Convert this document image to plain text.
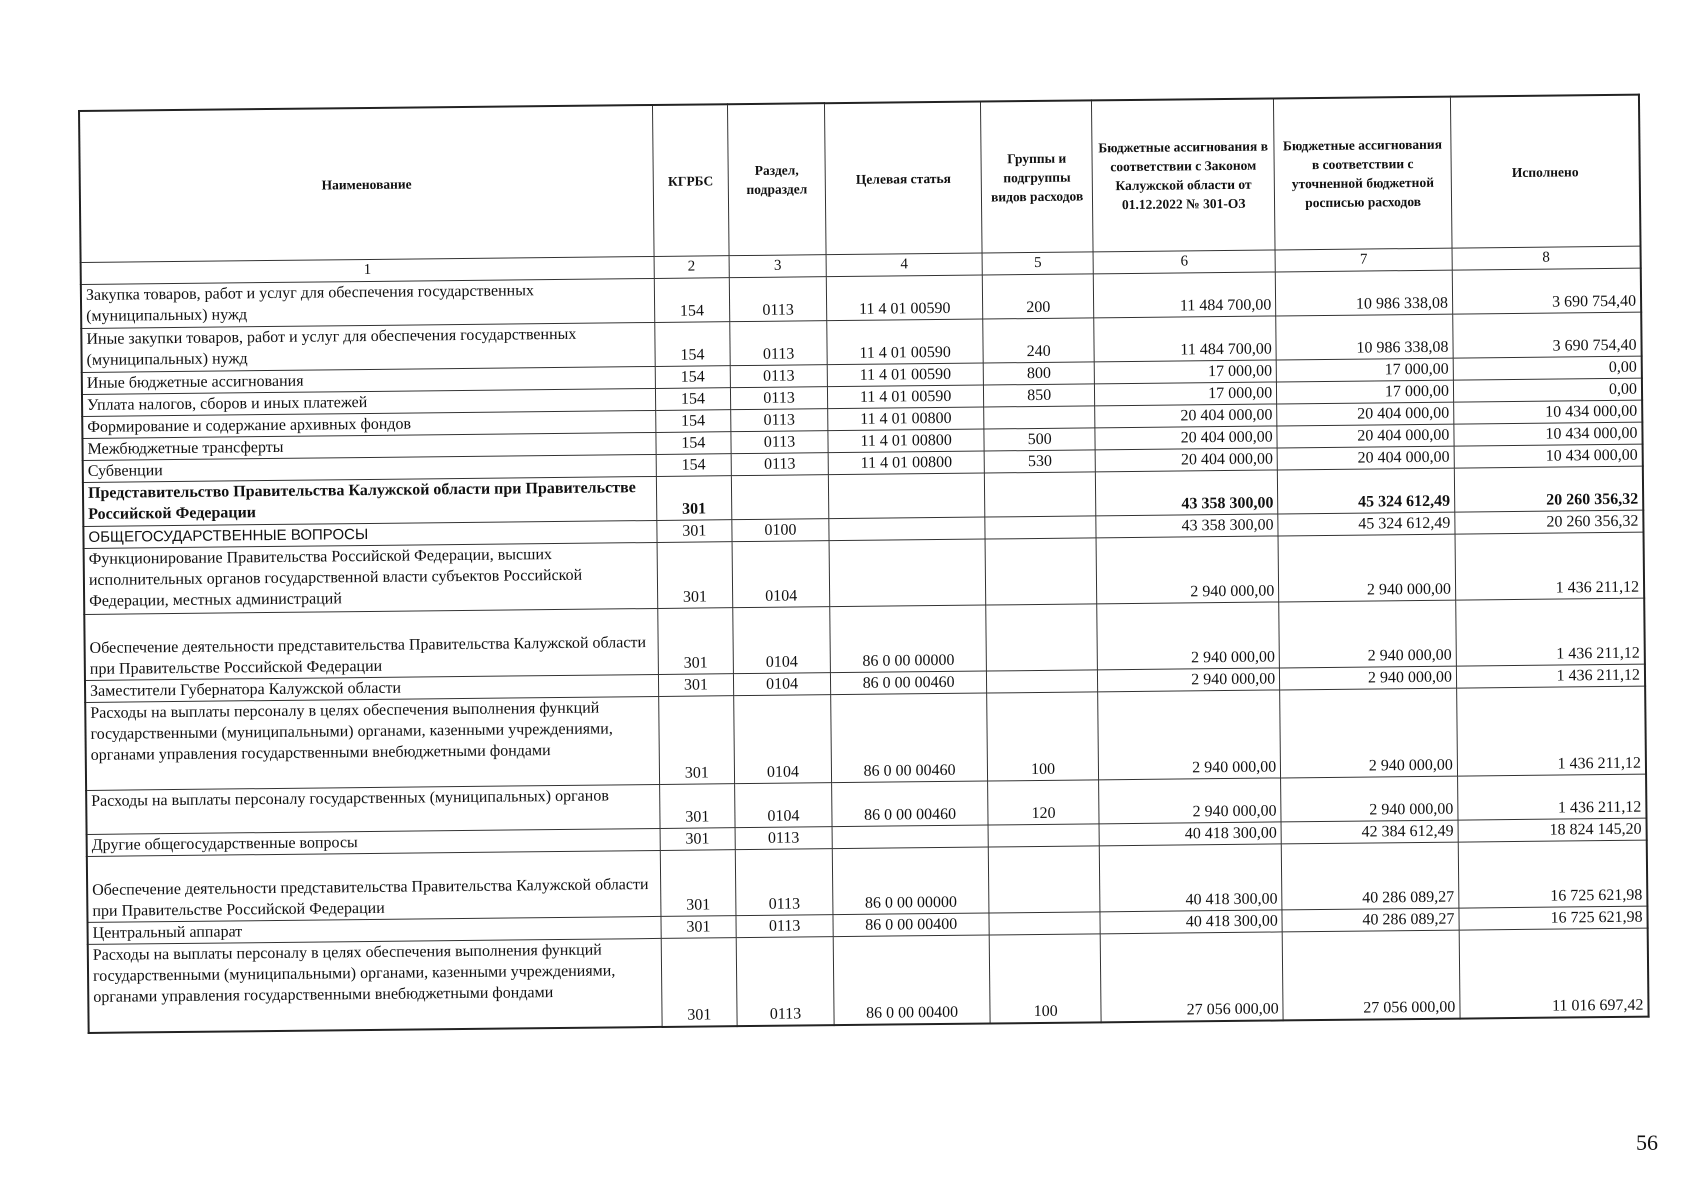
Наименование	КГРБС	Раздел, подраздел	Целевая статья	Группы и подгруппы видов расходов	Бюджетные ассигнования в соответствии с Законом Калужской области от 01.12.2022 № 301-ОЗ	Бюджетные ассигнования в соответствии с уточненной бюджетной росписью расходов	Исполнено
1	2	3	4	5	6	7	8
Закупка товаров, работ и услуг для обеспечения государственных (муниципальных) нужд	154	0113	11 4 01 00590	200	11 484 700,00	10 986 338,08	3 690 754,40
Иные закупки товаров, работ и услуг для обеспечения государственных (муниципальных) нужд	154	0113	11 4 01 00590	240	11 484 700,00	10 986 338,08	3 690 754,40
Иные бюджетные ассигнования	154	0113	11 4 01 00590	800	17 000,00	17 000,00	0,00
Уплата налогов, сборов и иных платежей	154	0113	11 4 01 00590	850	17 000,00	17 000,00	0,00
Формирование и содержание архивных фондов	154	0113	11 4 01 00800		20 404 000,00	20 404 000,00	10 434 000,00
Межбюджетные трансферты	154	0113	11 4 01 00800	500	20 404 000,00	20 404 000,00	10 434 000,00
Субвенции	154	0113	11 4 01 00800	530	20 404 000,00	20 404 000,00	10 434 000,00
Представительство Правительства Калужской области при Правительстве Российской Федерации	301				43 358 300,00	45 324 612,49	20 260 356,32
ОБЩЕГОСУДАРСТВЕННЫЕ ВОПРОСЫ	301	0100			43 358 300,00	45 324 612,49	20 260 356,32
Функционирование Правительства Российской Федерации, высших исполнительных органов государственной власти субъектов Российской Федерации, местных администраций	301	0104			2 940 000,00	2 940 000,00	1 436 211,12
Обеспечение деятельности представительства Правительства Калужской области при Правительстве Российской Федерации	301	0104	86 0 00 00000		2 940 000,00	2 940 000,00	1 436 211,12
Заместители Губернатора Калужской области	301	0104	86 0 00 00460		2 940 000,00	2 940 000,00	1 436 211,12
Расходы на выплаты персоналу в целях обеспечения выполнения функций государственными (муниципальными) органами, казенными учреждениями, органами управления государственными внебюджетными фондами	301	0104	86 0 00 00460	100	2 940 000,00	2 940 000,00	1 436 211,12
Расходы на выплаты персоналу государственных (муниципальных) органов	301	0104	86 0 00 00460	120	2 940 000,00	2 940 000,00	1 436 211,12
Другие общегосударственные вопросы	301	0113			40 418 300,00	42 384 612,49	18 824 145,20
Обеспечение деятельности представительства Правительства Калужской области при Правительстве Российской Федерации	301	0113	86 0 00 00000		40 418 300,00	40 286 089,27	16 725 621,98
Центральный аппарат	301	0113	86 0 00 00400		40 418 300,00	40 286 089,27	16 725 621,98
Расходы на выплаты персоналу в целях обеспечения выполнения функций государственными (муниципальными) органами, казенными учреждениями, органами управления государственными внебюджетными фондами	301	0113	86 0 00 00400	100	27 056 000,00	27 056 000,00	11 016 697,42
56
